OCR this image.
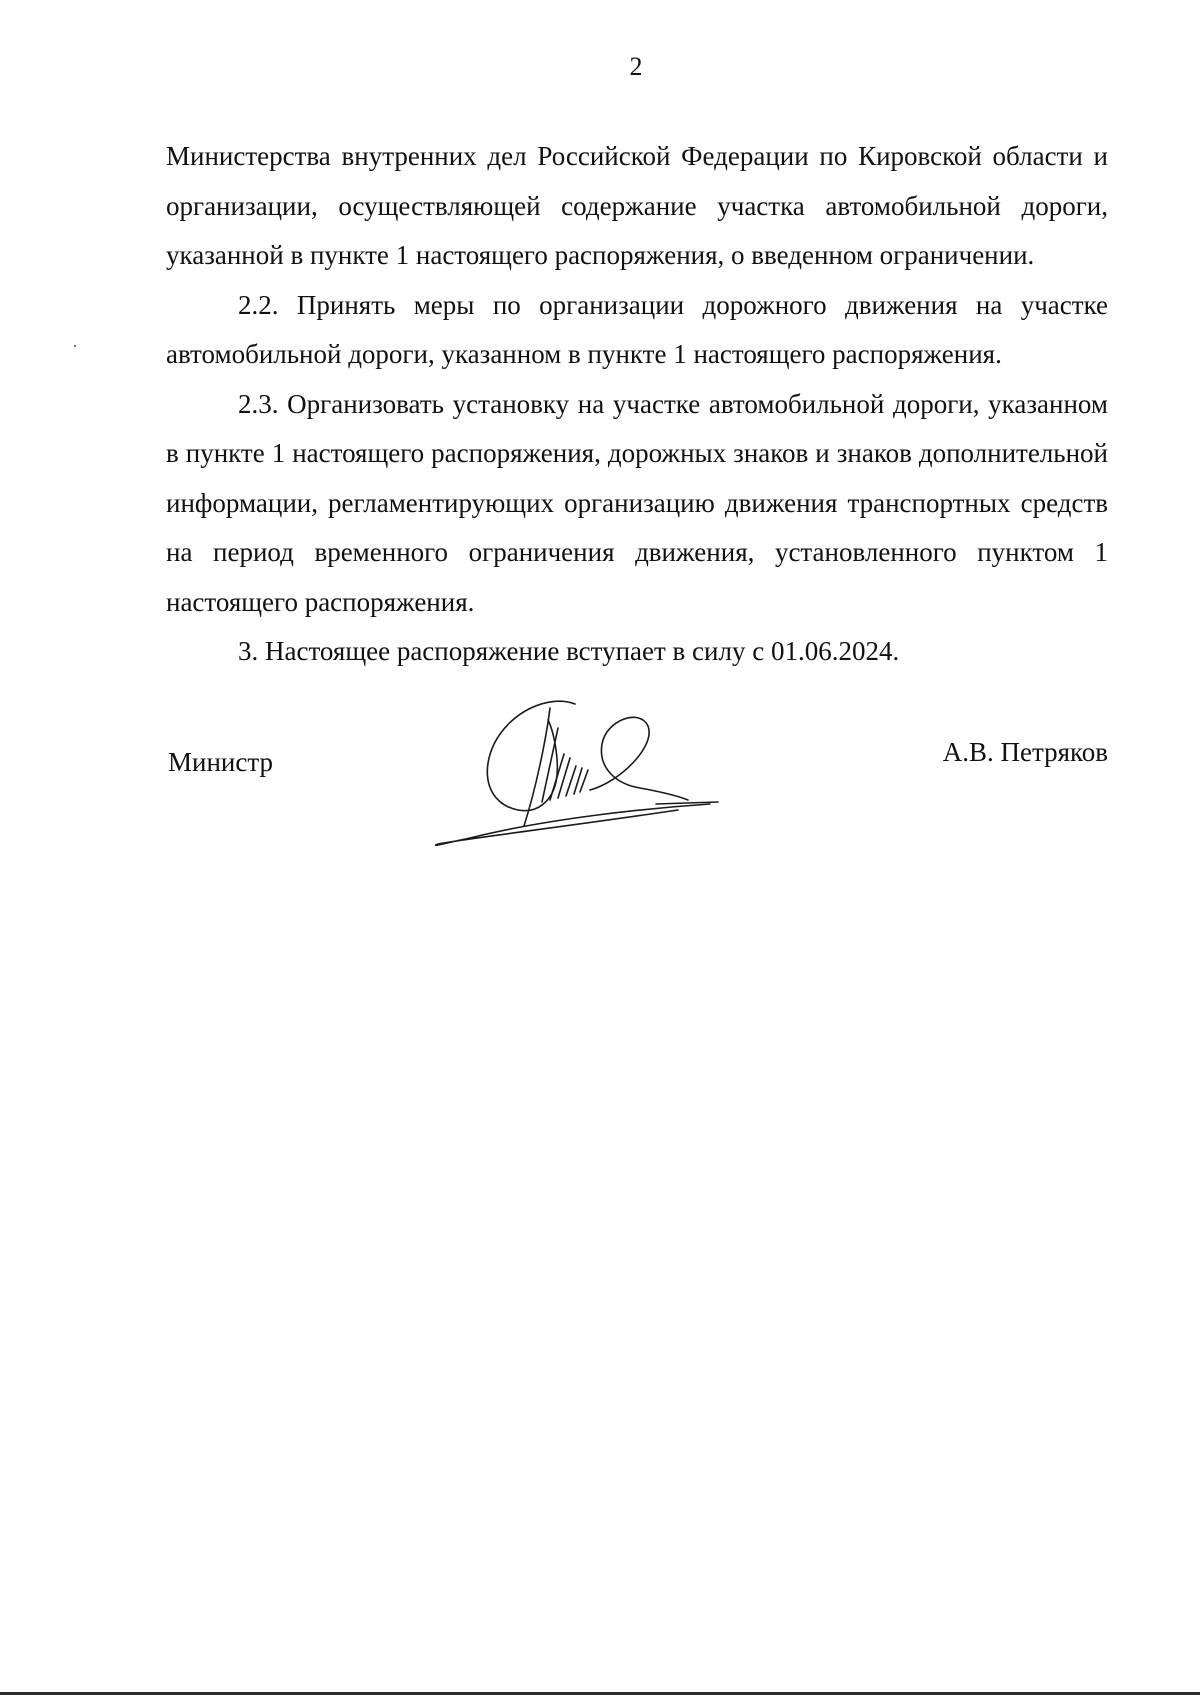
2

Министерства внутренних дел Российской Федерации по Кировской области и организации, осуществляющей содержание участка автомобильной дороги, указанной в пункте 1 настоящего распоряжения, о введенном ограничении.

2.2. Принять меры по организации дорожного движения на участке автомобильной дороги, указанном в пункте 1 настоящего распоряжения.

2.3. Организовать установку на участке автомобильной дороги, указанном в пункте 1 настоящего распоряжения, дорожных знаков и знаков дополнительной информации, регламентирующих организацию движения транспортных средств на период временного ограничения движения, установленного пунктом 1 настоящего распоряжения.

3. Настоящее распоряжение вступает в силу с 01.06.2024.

Министр	А.В. Петряков
